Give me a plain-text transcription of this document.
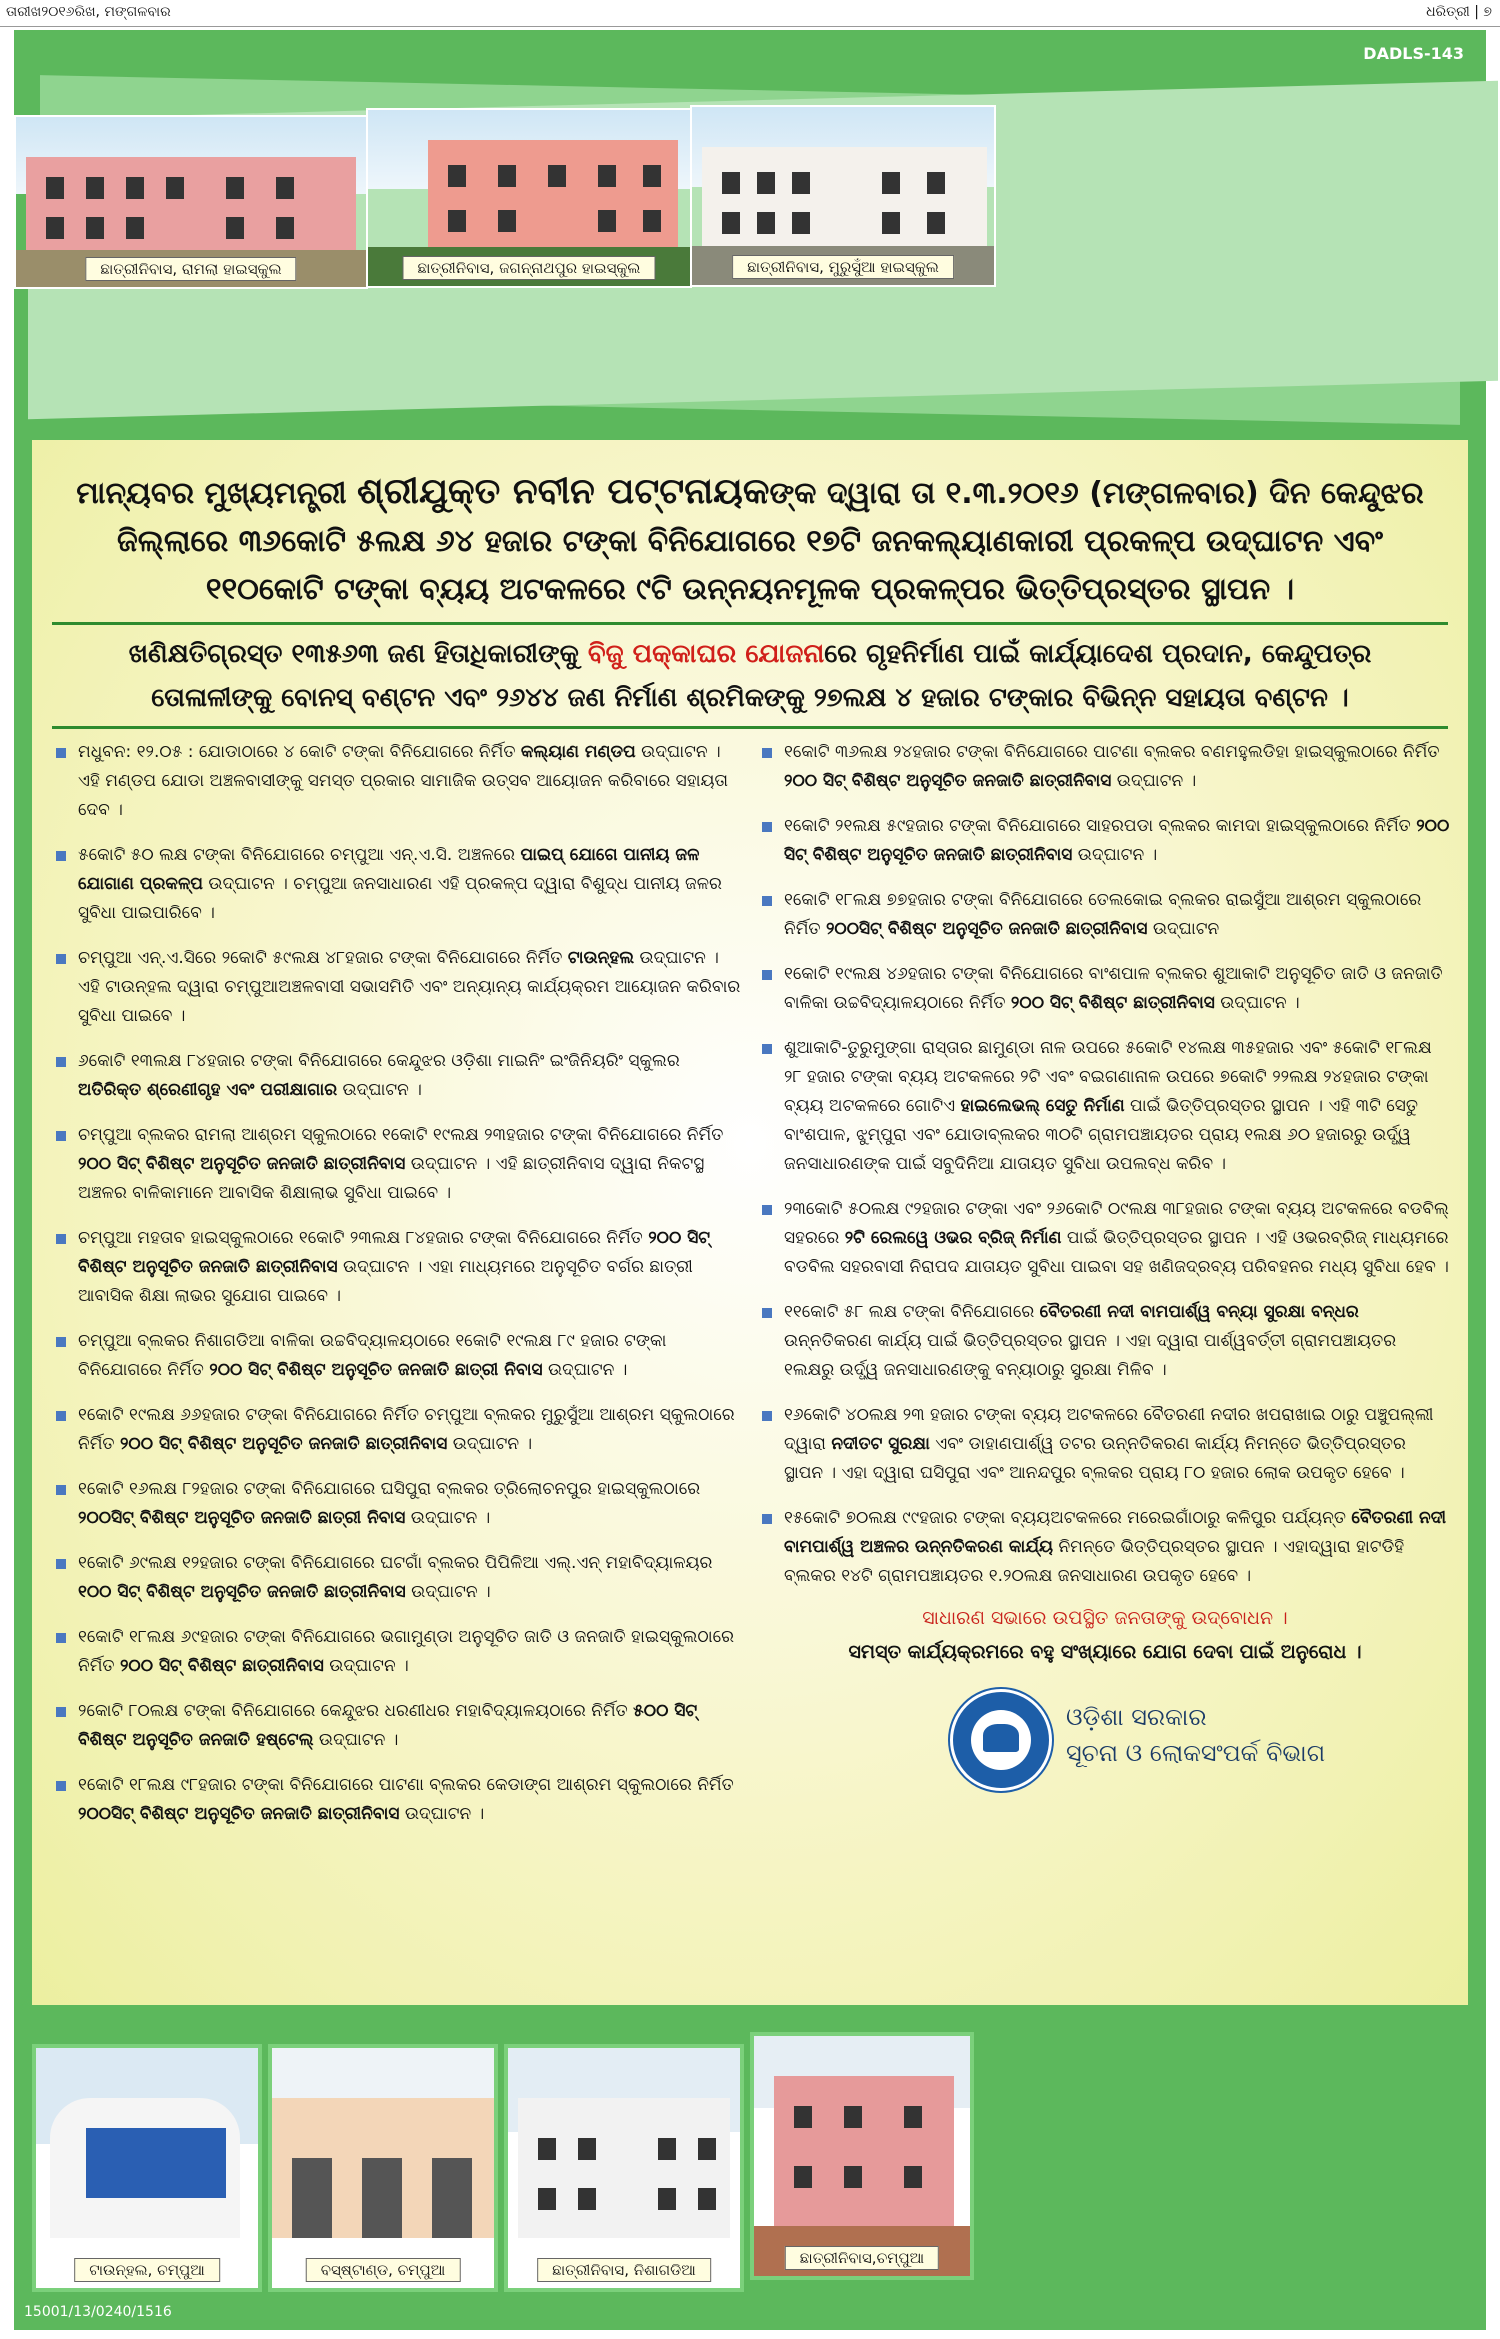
ତାରୀଖ୨୦୧୬ରିଖ, ମଙ୍ଗଳବାର	ଧରିତ୍ରୀ | ୭
DADLS-143
ଛାତ୍ରୀନିବାସ, ରାମଲା ହାଇସ୍କୁଲ	ଛାତ୍ରୀନିବାସ, ଜଗନ୍ନାଥପୁର ହାଇସ୍କୁଲ	ଛାତ୍ରୀନିବାସ, ମୁରୁସୁଁଆ ହାଇସ୍କୁଲ
ମାନ୍ୟବର ମୁଖ୍ୟମନ୍ତ୍ରୀ ଶ୍ରୀଯୁକ୍ତ ନବୀନ ପଟ୍ଟନାୟକଙ୍କ ଦ୍ୱାରା ତା ୧.୩.୨୦୧୬ (ମଙ୍ଗଳବାର) ଦିନ କେନ୍ଦୁଝର ଜିଲ୍ଲାରେ ୩୬କୋଟି ୫ଲକ୍ଷ ୬୪ ହଜାର ଟଙ୍କା ବିନିଯୋଗରେ ୧୭ଟି ଜନକଲ୍ୟାଣକାରୀ ପ୍ରକଳ୍ପ ଉଦ୍‌ଘାଟନ ଏବଂ ୧୧୦କୋଟି ଟଙ୍କା ବ୍ୟୟ ଅଟକଳରେ ୯ଟି ଉନ୍ନୟନମୂଳକ ପ୍ରକଳ୍ପର ଭିତ୍ତିପ୍ରସ୍ତର ସ୍ଥାପନ ।
ଖଣିକ୍ଷତିଗ୍ରସ୍ତ ୧୩୫୬୩ ଜଣ ହିତାଧିକାରୀଙ୍କୁ ବିଜୁ ପକ୍କାଘର ଯୋଜନାରେ ଗୃହନିର୍ମାଣ ପାଇଁ କାର୍ଯ୍ୟାଦେଶ ପ୍ରଦାନ, କେନ୍ଦୁପତ୍ର ତୋଳାଳୀଙ୍କୁ ବୋନସ୍ ବଣ୍ଟନ ଏବଂ ୨୬୪୪ ଜଣ ନିର୍ମାଣ ଶ୍ରମିକଙ୍କୁ ୨୭ଲକ୍ଷ ୪ ହଜାର ଟଙ୍କାର ବିଭିନ୍ନ ସହାୟତା ବଣ୍ଟନ ।
ମଧୁବନ: ୧୨.୦୫ : ଯୋଡାଠାରେ ୪ କୋଟି ଟଙ୍କା ବିନିଯୋଗରେ ନିର୍ମିତ କଲ୍ୟାଣ ମଣ୍ଡପ ଉଦ୍‌ଘାଟନ । ଏହି ମଣ୍ଡପ ଯୋଡା ଅଞ୍ଚଳବାସୀଙ୍କୁ ସମସ୍ତ ପ୍ରକାର ସାମାଜିକ ଉତ୍ସବ ଆୟୋଜନ କରିବାରେ ସହାୟତା ଦେବ ।
୫କୋଟି ୫୦ ଲକ୍ଷ ଟଙ୍କା ବିନିଯୋଗରେ ଚମ୍ପୁଆ ଏନ୍.ଏ.ସି. ଅଞ୍ଚଳରେ ପାଇପ୍ ଯୋଗେ ପାନୀୟ ଜଳ ଯୋଗାଣ ପ୍ରକଳ୍ପ ଉଦ୍‌ଘାଟନ । ଚମ୍ପୁଆ ଜନସାଧାରଣ ଏହି ପ୍ରକଳ୍ପ ଦ୍ୱାରା ବିଶୁଦ୍ଧ ପାନୀୟ ଜଳର ସୁବିଧା ପାଇପାରିବେ ।
ଚମ୍ପୁଆ ଏନ୍.ଏ.ସିରେ ୨କୋଟି ୫୯ଲକ୍ଷ ୪୮ହଜାର ଟଙ୍କା ବିନିଯୋଗରେ ନିର୍ମିତ ଟାଉନ୍‌ହଲ ଉଦ୍‌ଘାଟନ । ଏହି ଟାଉନ୍‌ହଲ ଦ୍ୱାରା ଚମ୍ପୁଆଅଞ୍ଚଳବାସୀ ସଭାସମିତି ଏବଂ ଅନ୍ୟାନ୍ୟ କାର୍ଯ୍ୟକ୍ରମ ଆୟୋଜନ କରିବାର ସୁବିଧା ପାଇବେ ।
୬କୋଟି ୧୩ଲକ୍ଷ ୮୪ହଜାର ଟଙ୍କା ବିନିଯୋଗରେ କେନ୍ଦୁଝର ଓଡ଼ିଶା ମାଇନିଂ ଇଂଜିନିୟରିଂ ସ୍କୁଲର ଅତିରିକ୍ତ ଶ୍ରେଣୀଗୃହ ଏବଂ ପରୀକ୍ଷାଗାର ଉଦ୍‌ଘାଟନ ।
ଚମ୍ପୁଆ ବ୍ଲକର ରାମଲା ଆଶ୍ରମ ସ୍କୁଲଠାରେ ୧କୋଟି ୧୯ଲକ୍ଷ ୨୩ହଜାର ଟଙ୍କା ବିନିଯୋଗରେ ନିର୍ମିତ ୨୦୦ ସିଟ୍ ବିଶିଷ୍ଟ ଅନୁସୂଚିତ ଜନଜାତି ଛାତ୍ରୀନିବାସ ଉଦ୍‌ଘାଟନ । ଏହି ଛାତ୍ରୀନିବାସ ଦ୍ୱାରା ନିକଟସ୍ଥ ଅଞ୍ଚଳର ବାଳିକାମାନେ ଆବାସିକ ଶିକ୍ଷାଲାଭ ସୁବିଧା ପାଇବେ ।
ଚମ୍ପୁଆ ମହତାବ ହାଇସ୍କୁଲଠାରେ ୧କୋଟି ୨୩ଲକ୍ଷ ୮୪ହଜାର ଟଙ୍କା ବିନିଯୋଗରେ ନିର୍ମିତ ୨୦୦ ସିଟ୍ ବିଶିଷ୍ଟ ଅନୁସୂଚିତ ଜନଜାତି ଛାତ୍ରୀନିବାସ ଉଦ୍‌ଘାଟନ । ଏହା ମାଧ୍ୟମରେ ଅନୁସୂଚିତ ବର୍ଗର ଛାତ୍ରୀ ଆବାସିକ ଶିକ୍ଷା ଲାଭର ସୁଯୋଗ ପାଇବେ ।
ଚମ୍ପୁଆ ବ୍ଲକର ନିଶାଗଡିଆ ବାଳିକା ଉଚ୍ଚବିଦ୍ୟାଳୟଠାରେ ୧କୋଟି ୧୯ଲକ୍ଷ ୮୯ ହଜାର ଟଙ୍କା ବିନିଯୋଗରେ ନିର୍ମିତ ୨୦୦ ସିଟ୍ ବିଶିଷ୍ଟ ଅନୁସୂଚିତ ଜନଜାତି ଛାତ୍ରୀ ନିବାସ ଉଦ୍‌ଘାଟନ ।
୧କୋଟି ୧୯ଲକ୍ଷ ୬୬ହଜାର ଟଙ୍କା ବିନିଯୋଗରେ ନିର୍ମିତ ଚମ୍ପୁଆ ବ୍ଲକର ମୁରୁସୁଁଆ ଆଶ୍ରମ ସ୍କୁଲଠାରେ ନିର୍ମିତ ୨୦୦ ସିଟ୍ ବିଶିଷ୍ଟ ଅନୁସୂଚିତ ଜନଜାତି ଛାତ୍ରୀନିବାସ ଉଦ୍‌ଘାଟନ ।
୧କୋଟି ୧୬ଲକ୍ଷ ୮୨ହଜାର ଟଙ୍କା ବିନିଯୋଗରେ ଘସିପୁରା ବ୍ଲକର ତ୍ରିଲୋଚନପୁର ହାଇସ୍କୁଲଠାରେ ୨୦୦ସିଟ୍ ବିଶିଷ୍ଟ ଅନୁସୂଚିତ ଜନଜାତି ଛାତ୍ରୀ ନିବାସ ଉଦ୍‌ଘାଟନ ।
୧କୋଟି ୬୯ଲକ୍ଷ ୧୨ହଜାର ଟଙ୍କା ବିନିଯୋଗରେ ଘଟଗାଁ ବ୍ଲକର ପିପିଳିଆ ଏଲ୍.ଏନ୍ ମହାବିଦ୍ୟାଳୟର ୧୦୦ ସିଟ୍ ବିଶିଷ୍ଟ ଅନୁସୂଚିତ ଜନଜାତି ଛାତ୍ରୀନିବାସ ଉଦ୍‌ଘାଟନ ।
୧କୋଟି ୧୮ଲକ୍ଷ ୬୯ହଜାର ଟଙ୍କା ବିନିଯୋଗରେ ଭଗାମୁଣ୍ଡା ଅନୁସୂଚିତ ଜାତି ଓ ଜନଜାତି ହାଇସ୍କୁଲଠାରେ ନିର୍ମିତ ୨୦୦ ସିଟ୍ ବିଶିଷ୍ଟ ଛାତ୍ରୀନିବାସ ଉଦ୍‌ଘାଟନ ।
୨କୋଟି ୮୦ଲକ୍ଷ ଟଙ୍କା ବିନିଯୋଗରେ କେନ୍ଦୁଝର ଧରଣୀଧର ମହାବିଦ୍ୟାଳୟଠାରେ ନିର୍ମିତ ୫୦୦ ସିଟ୍ ବିଶିଷ୍ଟ ଅନୁସୂଚିତ ଜନଜାତି ହଷ୍ଟେଲ୍ ଉଦ୍‌ଘାଟନ ।
୧କୋଟି ୧୮ଲକ୍ଷ ୯୮ହଜାର ଟଙ୍କା ବିନିଯୋଗରେ ପାଟଣା ବ୍ଲକର କେଡାଙ୍ଗ ଆଶ୍ରମ ସ୍କୁଲଠାରେ ନିର୍ମିତ ୨୦୦ସିଟ୍ ବିଶିଷ୍ଟ ଅନୁସୂଚିତ ଜନଜାତି ଛାତ୍ରୀନିବାସ ଉଦ୍‌ଘାଟନ ।
୧କୋଟି ୩୬ଲକ୍ଷ ୨୪ହଜାର ଟଙ୍କା ବିନିଯୋଗରେ ପାଟଣା ବ୍ଲକର ବଣମହୁଲଡିହା ହାଇସ୍କୁଲଠାରେ ନିର୍ମିତ ୨୦୦ ସିଟ୍ ବିଶିଷ୍ଟ ଅନୁସୂଚିତ ଜନଜାତି ଛାତ୍ରୀନିବାସ ଉଦ୍‌ଘାଟନ ।
୧କୋଟି ୨୧ଲକ୍ଷ ୫୯ହଜାର ଟଙ୍କା ବିନିଯୋଗରେ ସାହରପଡା ବ୍ଲକର କାମଦା ହାଇସ୍କୁଲଠାରେ ନିର୍ମିତ ୨୦୦ ସିଟ୍ ବିଶିଷ୍ଟ ଅନୁସୂଚିତ ଜନଜାତି ଛାତ୍ରୀନିବାସ ଉଦ୍‌ଘାଟନ ।
୧କୋଟି ୧୮ଲକ୍ଷ ୭୭ହଜାର ଟଙ୍କା ବିନିଯୋଗରେ ତେଲକୋଇ ବ୍ଲକର ରାଇସୁଁଆ ଆଶ୍ରମ ସ୍କୁଲଠାରେ ନିର୍ମିତ ୨୦୦ସିଟ୍ ବିଶିଷ୍ଟ ଅନୁସୂଚିତ ଜନଜାତି ଛାତ୍ରୀନିବାସ ଉଦ୍‌ଘାଟନ
୧କୋଟି ୧୯ଲକ୍ଷ ୪୬ହଜାର ଟଙ୍କା ବିନିଯୋଗରେ ବାଂଶପାଳ ବ୍ଲକର ଶୁଆକାଟି ଅନୁସୂଚିତ ଜାତି ଓ ଜନଜାତି ବାଳିକା ଉଚ୍ଚବିଦ୍ୟାଳୟଠାରେ ନିର୍ମିତ ୨୦୦ ସିଟ୍ ବିଶିଷ୍ଟ ଛାତ୍ରୀନିବାସ ଉଦ୍‌ଘାଟନ ।
ଶୁଆକାଟି-ତୁରୁମୁଙ୍ଗା ରାସ୍ତାର ଛାମୁଣ୍ଡା ନାଳ ଉପରେ ୫କୋଟି ୧୪ଲକ୍ଷ ୩୫ହଜାର ଏବଂ ୫କୋଟି ୧୮ଲକ୍ଷ ୨୮ ହଜାର ଟଙ୍କା ବ୍ୟୟ ଅଟକଳରେ ୨ଟି ଏବଂ ବଇଗଣାନାଳ ଉପରେ ୭କୋଟି ୨୨ଲକ୍ଷ ୨୪ହଜାର ଟଙ୍କା ବ୍ୟୟ ଅଟକଳରେ ଗୋଟିଏ ହାଇଲେଭଲ୍ ସେତୁ ନିର୍ମାଣ ପାଇଁ ଭିତ୍ତିପ୍ରସ୍ତର ସ୍ଥାପନ । ଏହି ୩ଟି ସେତୁ ବାଂଶପାଳ, ଝୁମ୍ପୁରା ଏବଂ ଯୋଡାବ୍ଲକର ୩୦ଟି ଗ୍ରାମପଞ୍ଚାୟତର ପ୍ରାୟ ୧ଲକ୍ଷ ୬୦ ହଜାରରୁ ଉର୍ଦ୍ଧ୍ୱ ଜନସାଧାରଣଙ୍କ ପାଇଁ ସବୁଦିନିଆ ଯାତାୟତ ସୁବିଧା ଉପଲବ୍ଧ କରିବ ।
୨୩କୋଟି ୫୦ଲକ୍ଷ ୯୨ହଜାର ଟଙ୍କା ଏବଂ ୨୬କୋଟି ୦୯ଲକ୍ଷ ୩୮ହଜାର ଟଙ୍କା ବ୍ୟୟ ଅଟକଳରେ ବଡବିଲ୍ ସହରରେ ୨ଟି ରେଲୱେ ଓଭର ବ୍ରିଜ୍ ନିର୍ମାଣ ପାଇଁ ଭିତ୍ତିପ୍ରସ୍ତର ସ୍ଥାପନ । ଏହି ଓଭରବ୍ରିଜ୍ ମାଧ୍ୟମରେ ବଡବିଲ ସହରବାସୀ ନିରାପଦ ଯାତାୟତ ସୁବିଧା ପାଇବା ସହ ଖଣିଜଦ୍ରବ୍ୟ ପରିବହନର ମଧ୍ୟ ସୁବିଧା ହେବ ।
୧୧କୋଟି ୫୮ ଲକ୍ଷ ଟଙ୍କା ବିନିଯୋଗରେ ବୈତରଣୀ ନଦୀ ବାମପାର୍ଶ୍ୱ ବନ୍ୟା ସୁରକ୍ଷା ବନ୍ଧର ଉନ୍ନତିକରଣ କାର୍ଯ୍ୟ ପାଇଁ ଭିତ୍ତିପ୍ରସ୍ତର ସ୍ଥାପନ । ଏହା ଦ୍ୱାରା ପାର୍ଶ୍ୱବର୍ତ୍ତୀ ଗ୍ରାମପଞ୍ଚାୟତର ୧ଲକ୍ଷରୁ ଉର୍ଦ୍ଧ୍ୱ ଜନସାଧାରଣଙ୍କୁ ବନ୍ୟାଠାରୁ ସୁରକ୍ଷା ମିଳିବ ।
୧୬କୋଟି ୪୦ଲକ୍ଷ ୨୩ ହଜାର ଟଙ୍କା ବ୍ୟୟ ଅଟକଳରେ ବୈତରଣୀ ନଦୀର ଖପରାଖାଇ ଠାରୁ ପଞ୍ଚୁପଲ୍ଲୀ ଦ୍ୱାରା ନଦୀତଟ ସୁରକ୍ଷା ଏବଂ ଡାହାଣପାର୍ଶ୍ୱ ତଟର ଉନ୍ନତିକରଣ କାର୍ଯ୍ୟ ନିମନ୍ତେ ଭିତ୍ତିପ୍ରସ୍ତର ସ୍ଥାପନ । ଏହା ଦ୍ୱାରା ଘସିପୁରା ଏବଂ ଆନନ୍ଦପୁର ବ୍ଲକର ପ୍ରାୟ ୮୦ ହଜାର ଲୋକ ଉପକୃତ ହେବେ ।
୧୫କୋଟି ୭୦ଲକ୍ଷ ୯୯ହଜାର ଟଙ୍କା ବ୍ୟୟଅଟକଳରେ ମରେଇଗାଁଠାରୁ କଳିପୁର ପର୍ଯ୍ୟନ୍ତ ବୈତରଣୀ ନଦୀ ବାମପାର୍ଶ୍ୱ ଅଞ୍ଚଳର ଉନ୍ନତିକରଣ କାର୍ଯ୍ୟ ନିମନ୍ତେ ଭିତ୍ତିପ୍ରସ୍ତର ସ୍ଥାପନ । ଏହାଦ୍ୱାରା ହାଟଡିହି ବ୍ଲକର ୧୪ଟି ଗ୍ରାମପଞ୍ଚାୟତର ୧.୨୦ଲକ୍ଷ ଜନସାଧାରଣ ଉପକୃତ ହେବେ ।
ସାଧାରଣ ସଭାରେ ଉପସ୍ଥିତ ଜନତାଙ୍କୁ ଉଦ୍‌ବୋଧନ ।
ସମସ୍ତ କାର୍ଯ୍ୟକ୍ରମରେ ବହୁ ସଂଖ୍ୟାରେ ଯୋଗ ଦେବା ପାଇଁ ଅନୁରୋଧ ।
ଓଡ଼ିଶା ସରକାର
ସୂଚନା ଓ ଲୋକସଂପର୍କ ବିଭାଗ
ଟାଉନ୍‌ହଲ, ଚମ୍ପୁଆ	ବସ୍‌ଷ୍ଟାଣ୍ଡ, ଚମ୍ପୁଆ	ଛାତ୍ରୀନିବାସ, ନିଶାଗଡିଆ
ଛାତ୍ରୀନିବାସ,ଚମ୍ପୁଆ
15001/13/0240/1516
